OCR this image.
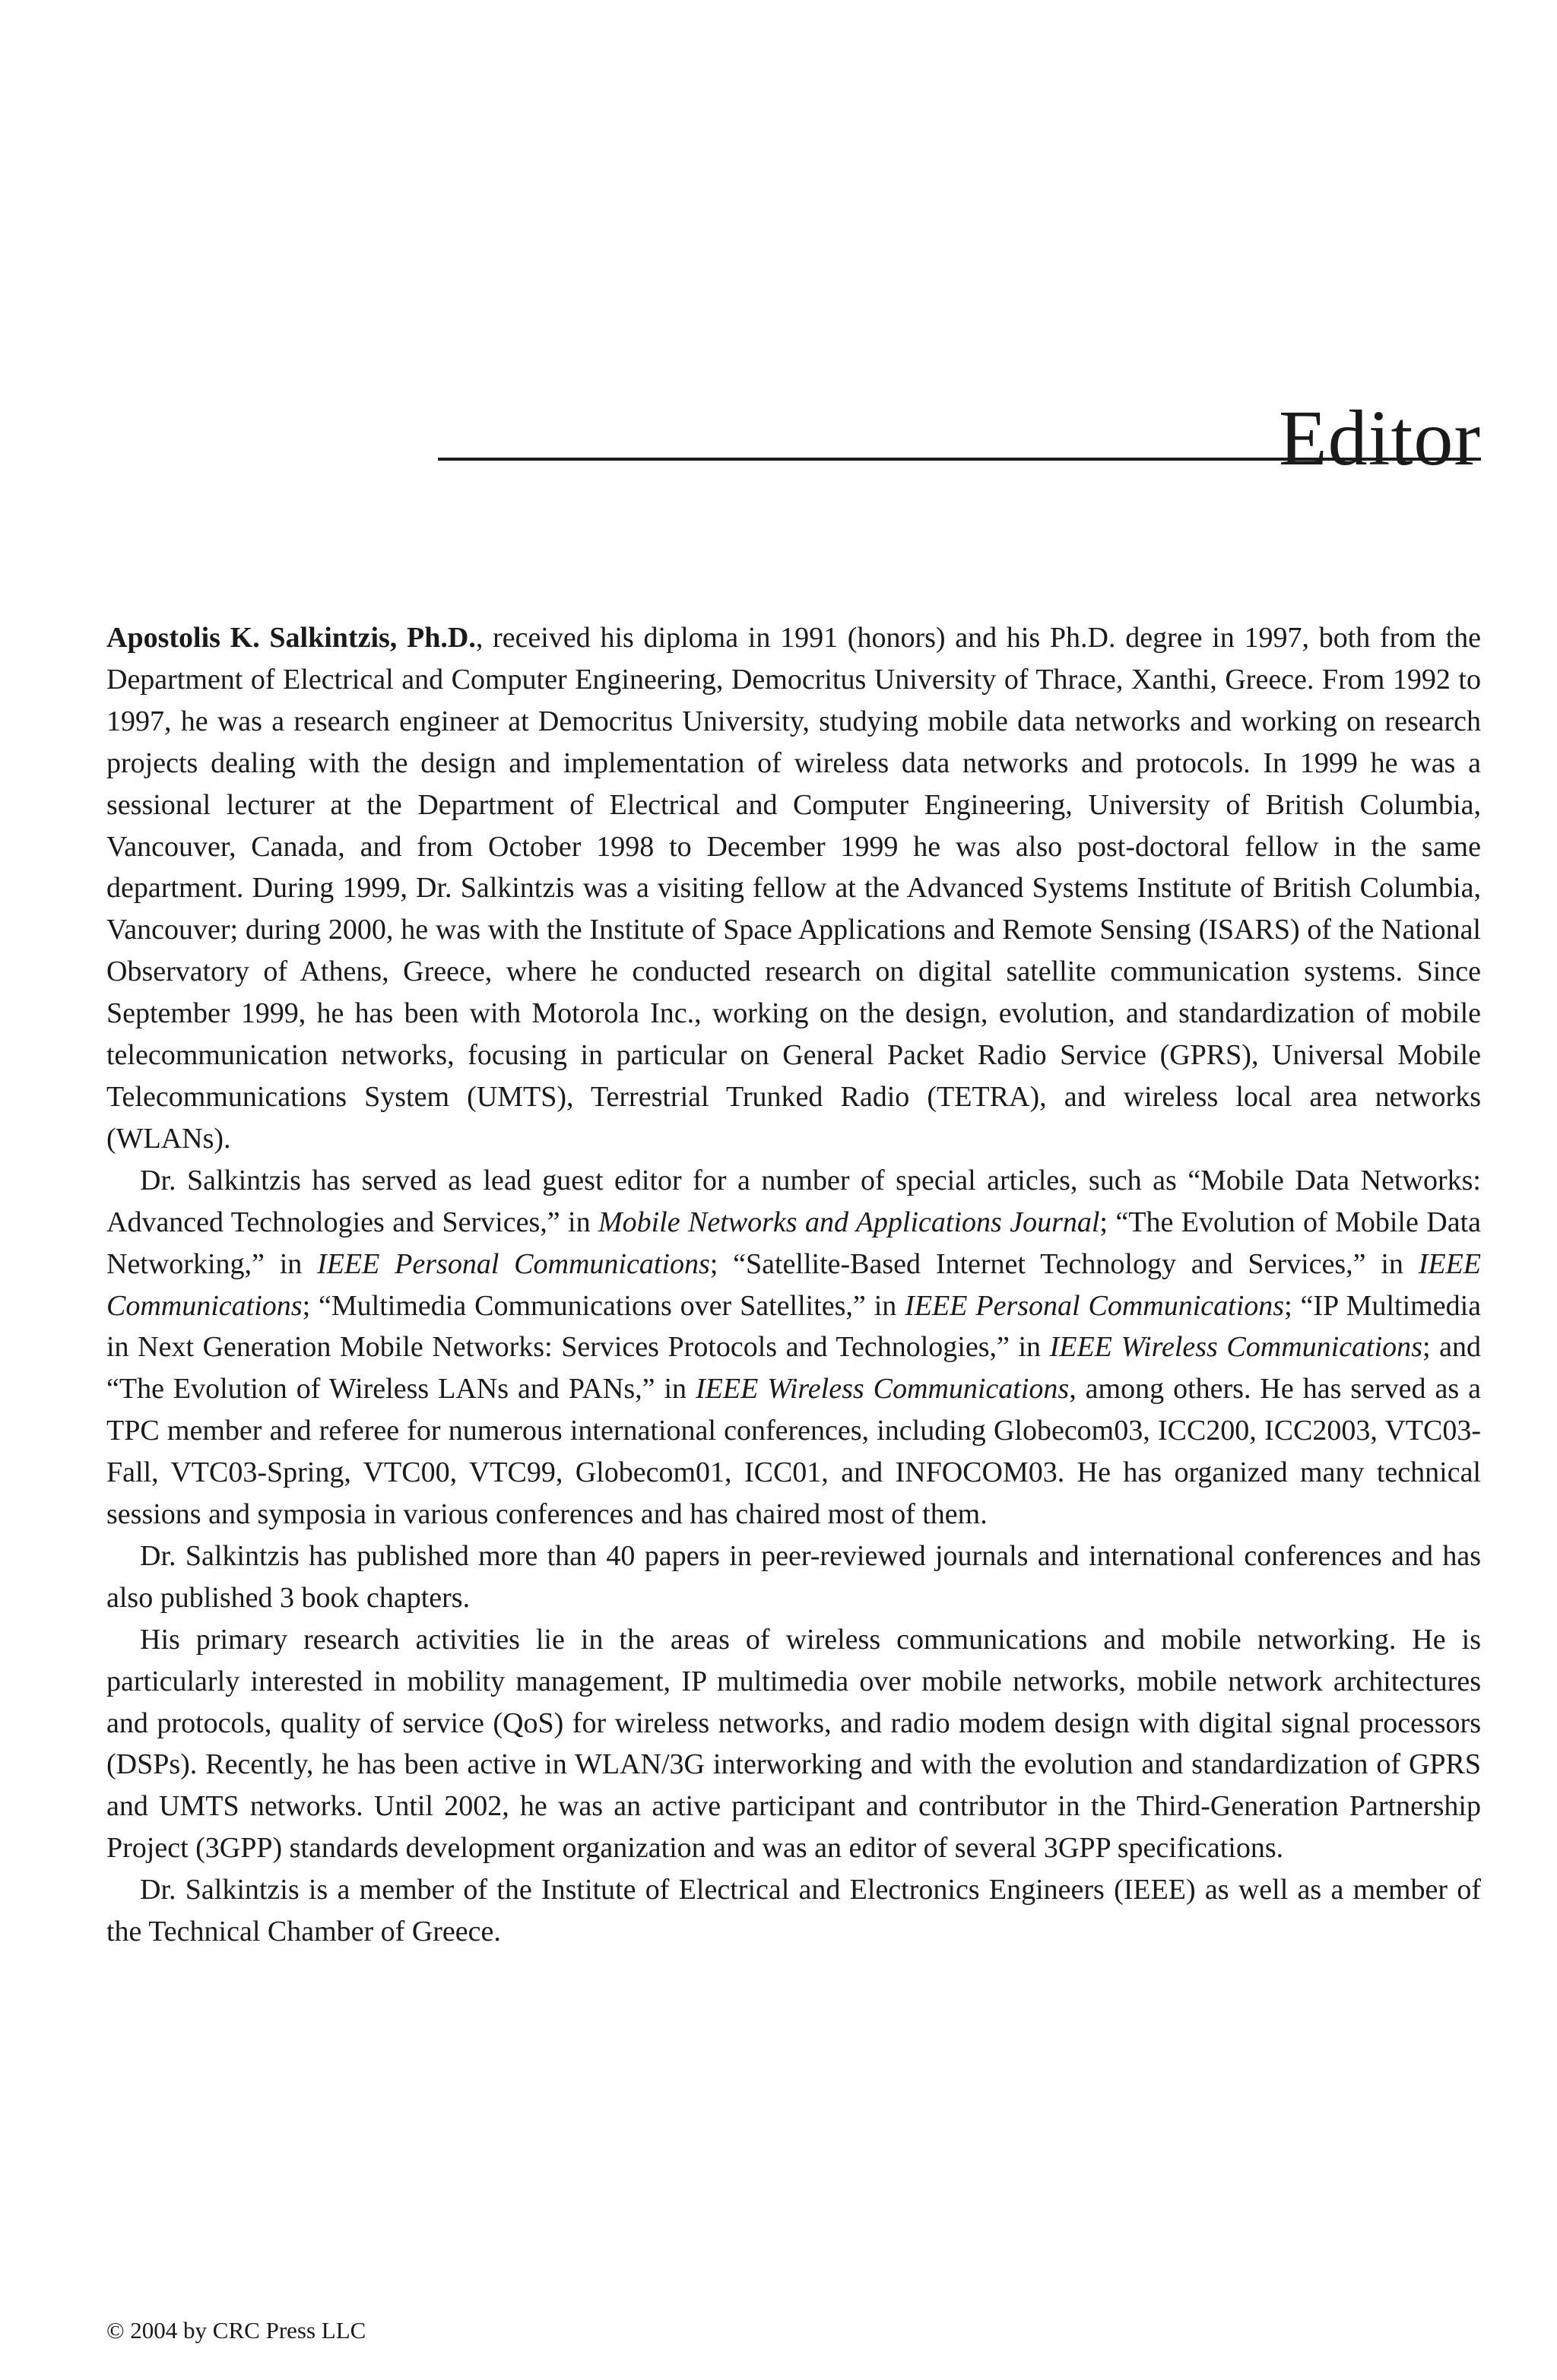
Editor

Apostolis K. Salkintzis, Ph.D., received his diploma in 1991 (honors) and his Ph.D. degree in 1997, both from the Department of Electrical and Computer Engineering, Democritus University of Thrace, Xanthi, Greece. From 1992 to 1997, he was a research engineer at Democritus University, studying mobile data networks and working on research projects dealing with the design and implementation of wireless data networks and protocols. In 1999 he was a sessional lecturer at the Department of Electrical and Computer Engineering, University of British Columbia, Vancouver, Canada, and from October 1998 to December 1999 he was also post-doctoral fellow in the same department. During 1999, Dr. Salkintzis was a visiting fellow at the Advanced Systems Institute of British Columbia, Vancouver; during 2000, he was with the Institute of Space Applications and Remote Sensing (ISARS) of the National Observatory of Athens, Greece, where he conducted research on digital satellite communication systems. Since September 1999, he has been with Motorola Inc., working on the design, evolution, and standardization of mobile telecommunication networks, focusing in particular on General Packet Radio Service (GPRS), Universal Mobile Telecommunications System (UMTS), Terrestrial Trunked Radio (TETRA), and wireless local area networks (WLANs).

Dr. Salkintzis has served as lead guest editor for a number of special articles, such as “Mobile Data Networks: Advanced Technologies and Services,” in Mobile Networks and Applications Journal; “The Evolution of Mobile Data Networking,” in IEEE Personal Communications; “Satellite-Based Internet Technology and Services,” in IEEE Communications; “Multimedia Communications over Satellites,” in IEEE Personal Communications; “IP Multimedia in Next Generation Mobile Networks: Services Protocols and Technologies,” in IEEE Wireless Communications; and “The Evolution of Wireless LANs and PANs,” in IEEE Wireless Communications, among others. He has served as a TPC member and referee for numerous international conferences, including Globecom03, ICC200, ICC2003, VTC03-Fall, VTC03-Spring, VTC00, VTC99, Globecom01, ICC01, and INFOCOM03. He has organized many technical sessions and symposia in various conferences and has chaired most of them.

Dr. Salkintzis has published more than 40 papers in peer-reviewed journals and international conferences and has also published 3 book chapters.

His primary research activities lie in the areas of wireless communications and mobile networking. He is particularly interested in mobility management, IP multimedia over mobile networks, mobile network architectures and protocols, quality of service (QoS) for wireless networks, and radio modem design with digital signal processors (DSPs). Recently, he has been active in WLAN/3G interworking and with the evolution and standardization of GPRS and UMTS networks. Until 2002, he was an active participant and contributor in the Third-Generation Partnership Project (3GPP) standards development organization and was an editor of several 3GPP specifications.

Dr. Salkintzis is a member of the Institute of Electrical and Electronics Engineers (IEEE) as well as a member of the Technical Chamber of Greece.

© 2004 by CRC Press LLC
